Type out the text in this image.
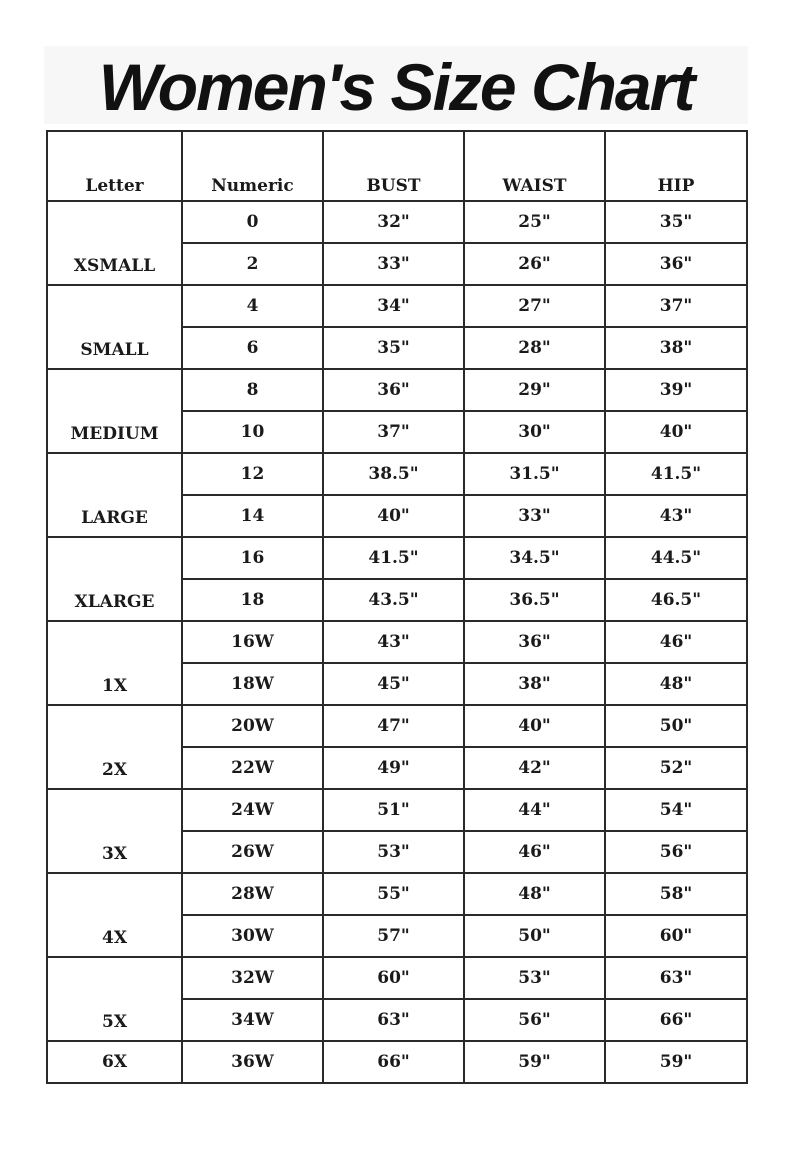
Women's Size Chart
Letter	Numeric	BUST	WAIST	HIP
XSMALL	0	32"	25"	35"
	2	33"	26"	36"
SMALL	4	34"	27"	37"
	6	35"	28"	38"
MEDIUM	8	36"	29"	39"
	10	37"	30"	40"
LARGE	12	38.5"	31.5"	41.5"
	14	40"	33"	43"
XLARGE	16	41.5"	34.5"	44.5"
	18	43.5"	36.5"	46.5"
1X	16W	43"	36"	46"
	18W	45"	38"	48"
2X	20W	47"	40"	50"
	22W	49"	42"	52"
3X	24W	51"	44"	54"
	26W	53"	46"	56"
4X	28W	55"	48"	58"
	30W	57"	50"	60"
5X	32W	60"	53"	63"
	34W	63"	56"	66"
6X	36W	66"	59"	59"
